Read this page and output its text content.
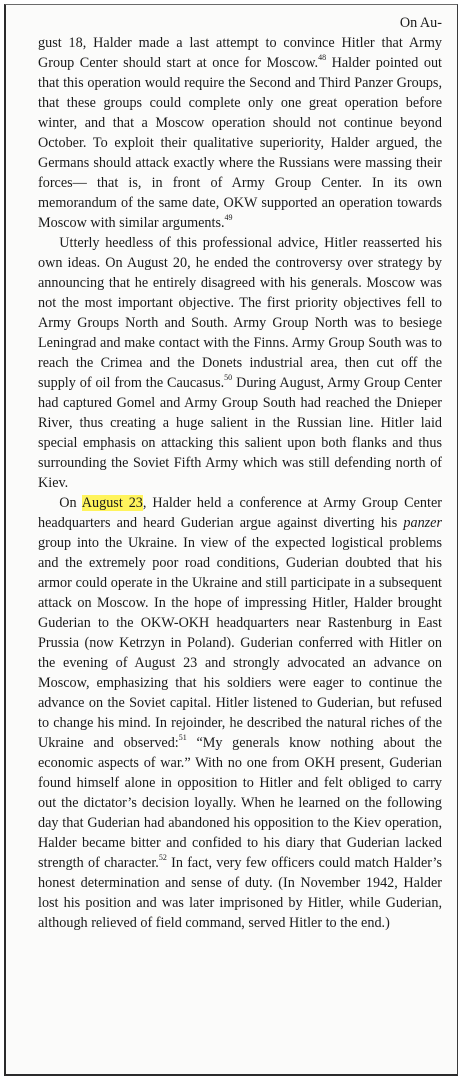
On Au-
gust 18, Halder made a last attempt to convince Hitler that Army Group Center should start at once for Moscow.$^{48}$ Halder pointed out that this operation would require the Second and Third Panzer Groups, that these groups could complete only one great operation before winter, and that a Moscow operation should not continue beyond October. To exploit their qualitative superiority, Halder argued, the Germans should attack exactly where the Russians were massing their forces— that is, in front of Army Group Center. In its own memorandum of the same date, OKW supported an operation towards Moscow with similar arguments.$^{49}$

Utterly heedless of this professional advice, Hitler reasserted his own ideas. On August 20, he ended the controversy over strategy by announcing that he entirely disagreed with his generals. Moscow was not the most important objective. The first priority objectives fell to Army Groups North and South. Army Group North was to besiege Leningrad and make contact with the Finns. Army Group South was to reach the Crimea and the Donets industrial area, then cut off the supply of oil from the Caucasus.$^{50}$ During August, Army Group Center had captured Gomel and Army Group South had reached the Dnieper River, thus creating a huge salient in the Russian line. Hitler laid special emphasis on attacking this salient upon both flanks and thus surrounding the Soviet Fifth Army which was still defending north of Kiev.

On August 23, Halder held a conference at Army Group Center headquarters and heard Guderian argue against diverting his panzer group into the Ukraine. In view of the expected logistical problems and the extremely poor road conditions, Guderian doubted that his armor could operate in the Ukraine and still participate in a subsequent attack on Moscow. In the hope of impressing Hitler, Halder brought Guderian to the OKW-OKH headquarters near Rastenburg in East Prussia (now Ketrzyn in Poland). Guderian conferred with Hitler on the evening of August 23 and strongly advocated an advance on Moscow, emphasizing that his soldiers were eager to continue the advance on the Soviet capital. Hitler listened to Guderian, but refused to change his mind. In rejoinder, he described the natural riches of the Ukraine and observed:$^{51}$ “My generals know nothing about the economic aspects of war.” With no one from OKH present, Guderian found himself alone in opposition to Hitler and felt obliged to carry out the dictator’s decision loyally. When he learned on the following day that Guderian had abandoned his opposition to the Kiev operation, Halder became bitter and confided to his diary that Guderian lacked strength of character.$^{52}$ In fact, very few officers could match Halder’s honest determination and sense of duty. (In November 1942, Halder lost his position and was later imprisoned by Hitler, while Guderian, although relieved of field command, served Hitler to the end.)
